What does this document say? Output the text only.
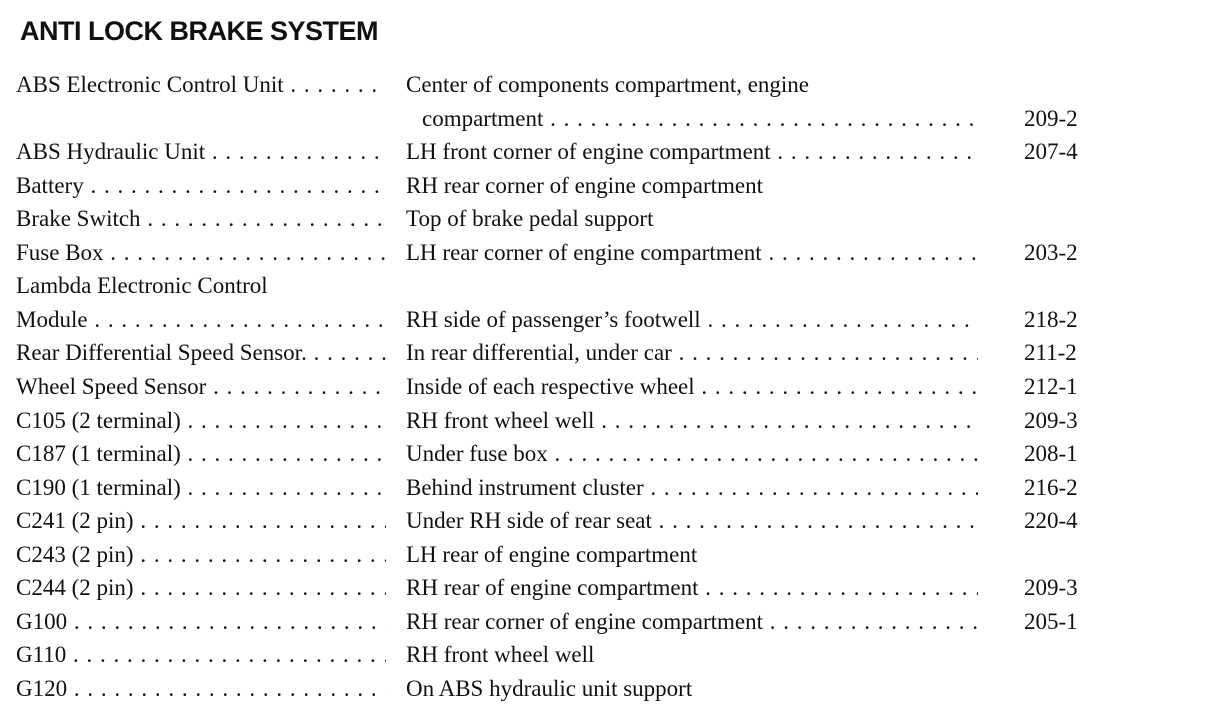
ANTI LOCK BRAKE SYSTEM
ABS Electronic Control Unit . . .	Center of components compartment, engine
compartment . . .	209-2
ABS Hydraulic Unit . . .	LH front corner of engine compartment . . .	207-4
Battery . . .	RH rear corner of engine compartment
Brake Switch . . .	Top of brake pedal support
Fuse Box . . .	LH rear corner of engine compartment . . .	203-2
Lambda Electronic Control
Module . . .	RH side of passenger’s footwell . . .	218-2
Rear Differential Speed Sensor. . . .	In rear differential, under car . . .	211-2
Wheel Speed Sensor . . .	Inside of each respective wheel . . .	212-1
C105 (2 terminal) . . .	RH front wheel well . . .	209-3
C187 (1 terminal) . . .	Under fuse box . . .	208-1
C190 (1 terminal) . . .	Behind instrument cluster . . .	216-2
C241 (2 pin) . . .	Under RH side of rear seat . . .	220-4
C243 (2 pin) . . .	LH rear of engine compartment
C244 (2 pin) . . .	RH rear of engine compartment . . .	209-3
G100 . . .	RH rear corner of engine compartment . . .	205-1
G110 . . .	RH front wheel well
G120 . . .	On ABS hydraulic unit support
